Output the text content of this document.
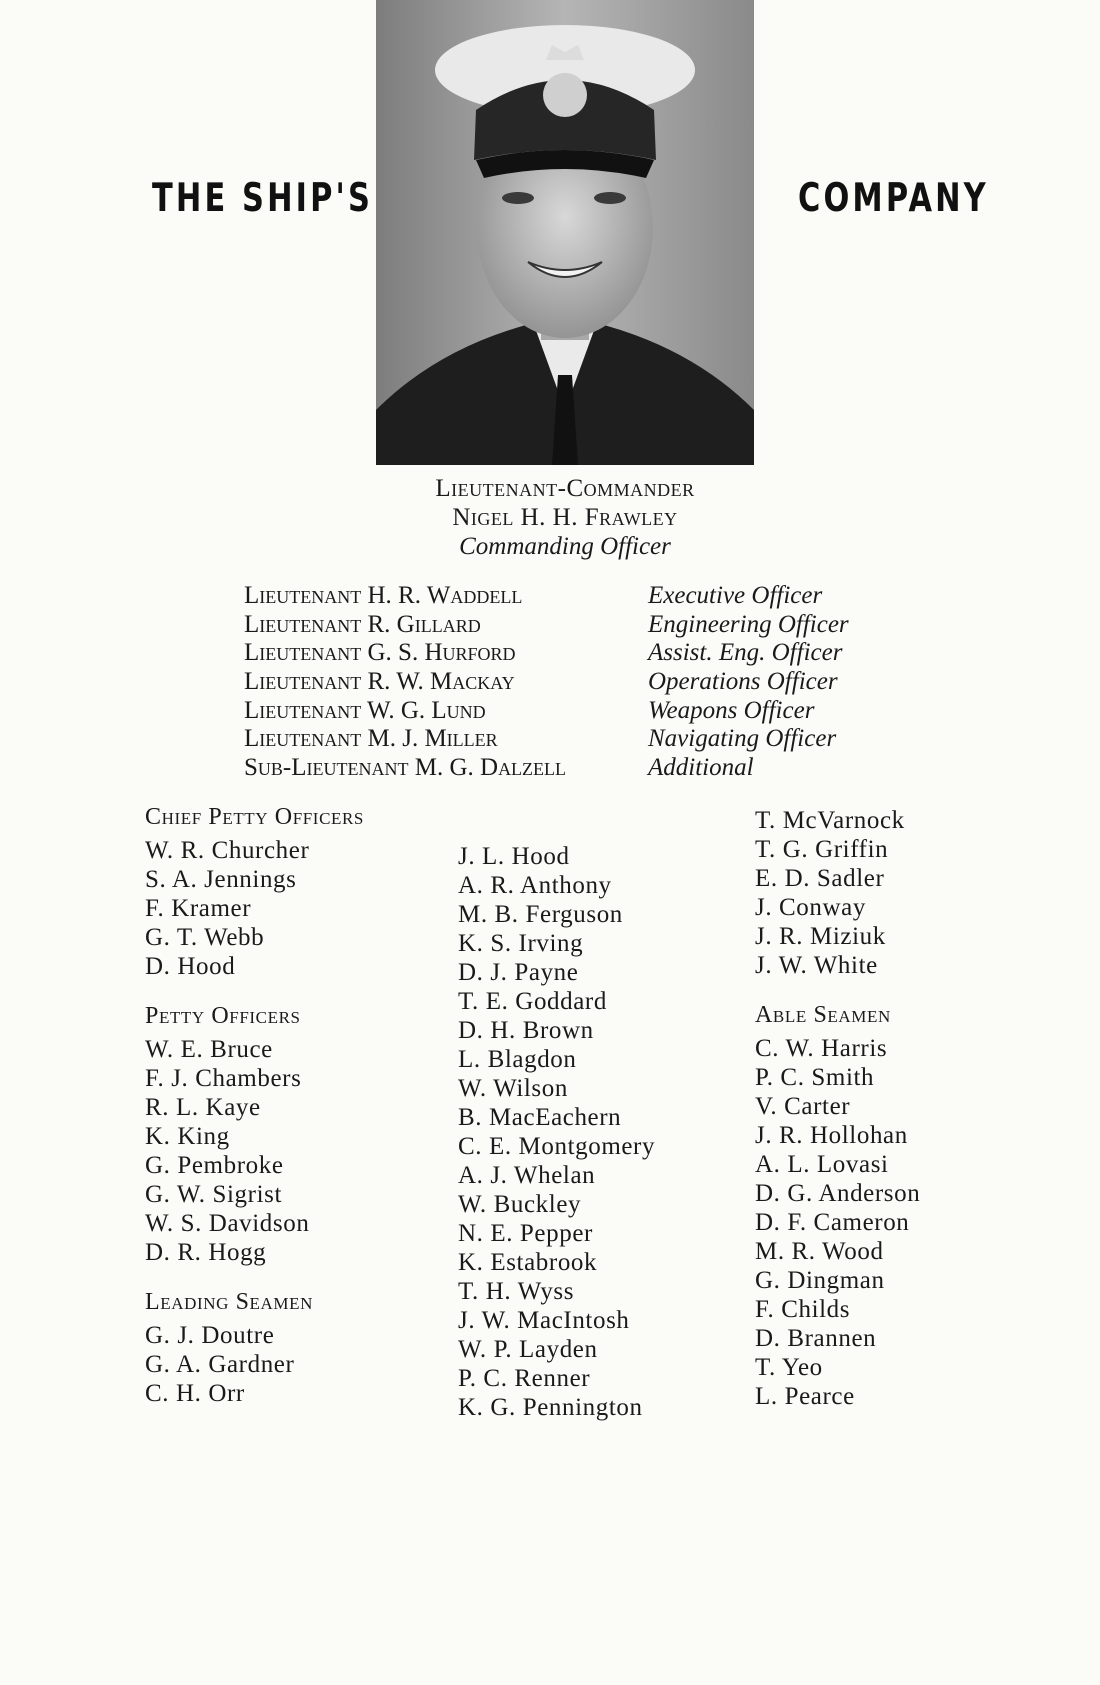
THE SHIP'S	COMPANY
Lieutenant-Commander
Nigel H. H. Frawley
Commanding Officer
Lieutenant H. R. Waddell	Executive Officer
Lieutenant R. Gillard	Engineering Officer
Lieutenant G. S. Hurford	Assist. Eng. Officer
Lieutenant R. W. Mackay	Operations Officer
Lieutenant W. G. Lund	Weapons Officer
Lieutenant M. J. Miller	Navigating Officer
Sub-Lieutenant M. G. Dalzell	Additional
Chief Petty Officers
W. R. Churcher
S. A. Jennings
F. Kramer
G. T. Webb
D. Hood
Petty Officers
W. E. Bruce
F. J. Chambers
R. L. Kaye
K. King
G. Pembroke
G. W. Sigrist
W. S. Davidson
D. R. Hogg
Leading Seamen
G. J. Doutre
G. A. Gardner
C. H. Orr
J. L. Hood
A. R. Anthony
M. B. Ferguson
K. S. Irving
D. J. Payne
T. E. Goddard
D. H. Brown
L. Blagdon
W. Wilson
B. MacEachern
C. E. Montgomery
A. J. Whelan
W. Buckley
N. E. Pepper
K. Estabrook
T. H. Wyss
J. W. MacIntosh
W. P. Layden
P. C. Renner
K. G. Pennington
T. McVarnock
T. G. Griffin
E. D. Sadler
J. Conway
J. R. Miziuk
J. W. White
Able Seamen
C. W. Harris
P. C. Smith
V. Carter
J. R. Hollohan
A. L. Lovasi
D. G. Anderson
D. F. Cameron
M. R. Wood
G. Dingman
F. Childs
D. Brannen
T. Yeo
L. Pearce
